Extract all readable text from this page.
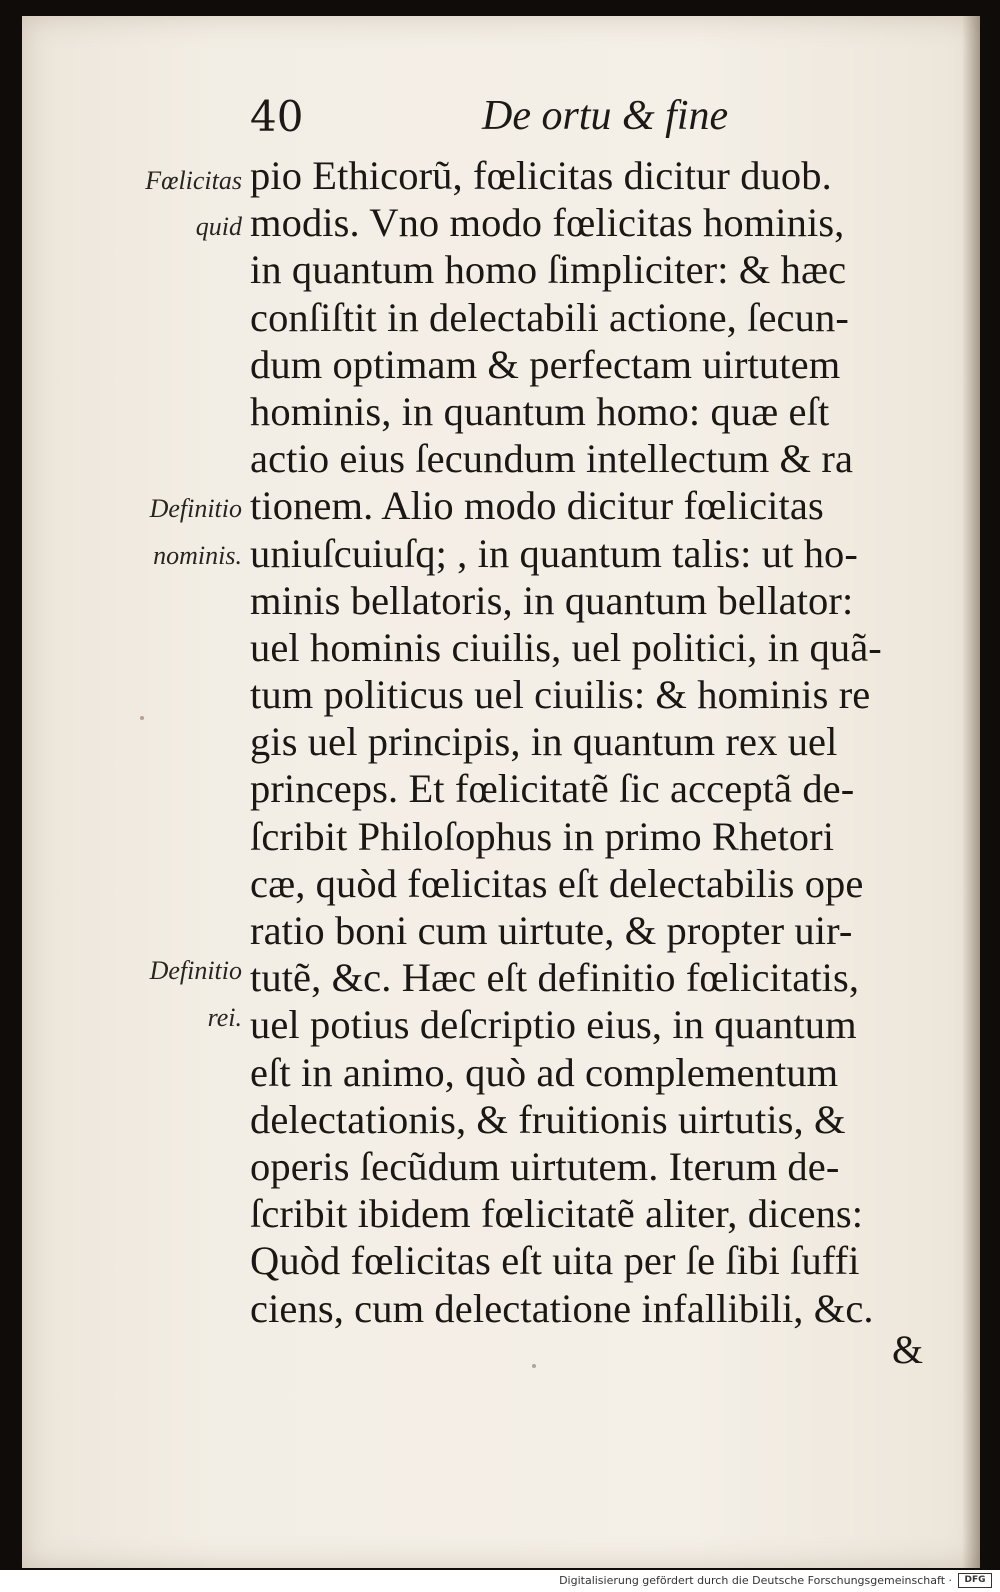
40	De ortu & fine
Fœlicitas
quid
Definitio
nominis.
Definitio
rei.
pio Ethicorũ, fœlicitas dicitur duob.
modis. Vno modo fœlicitas hominis,
in quantum homo ſimpliciter: & hæc
conſiſtit in delectabili actione, ſecun-
dum optimam & perfectam uirtutem
hominis, in quantum homo: quæ eſt
actio eius ſecundum intellectum & ra
tionem. Alio modo dicitur fœlicitas
uniuſcuiuſq; , in quantum talis: ut ho-
minis bellatoris, in quantum bellator:
uel hominis ciuilis, uel politici, in quã-
tum politicus uel ciuilis: & hominis re
gis uel principis, in quantum rex uel
princeps. Et fœlicitatẽ ſic acceptã de-
ſcribit Philoſophus in primo Rhetori
cæ, quòd fœlicitas eſt delectabilis ope
ratio boni cum uirtute, & propter uir-
tutẽ, &c. Hæc eſt definitio fœlicitatis,
uel potius deſcriptio eius, in quantum
eſt in animo, quò ad complementum
delectationis, & fruitionis uirtutis, &
operis ſecũdum uirtutem. Iterum de-
ſcribit ibidem fœlicitatẽ aliter, dicens:
Quòd fœlicitas eſt uita per ſe ſibi ſuffi
ciens, cum delectatione infallibili, &c.
&
Digitalisierung gefördert durch die Deutsche Forschungsgemeinschaft ·	DFG
